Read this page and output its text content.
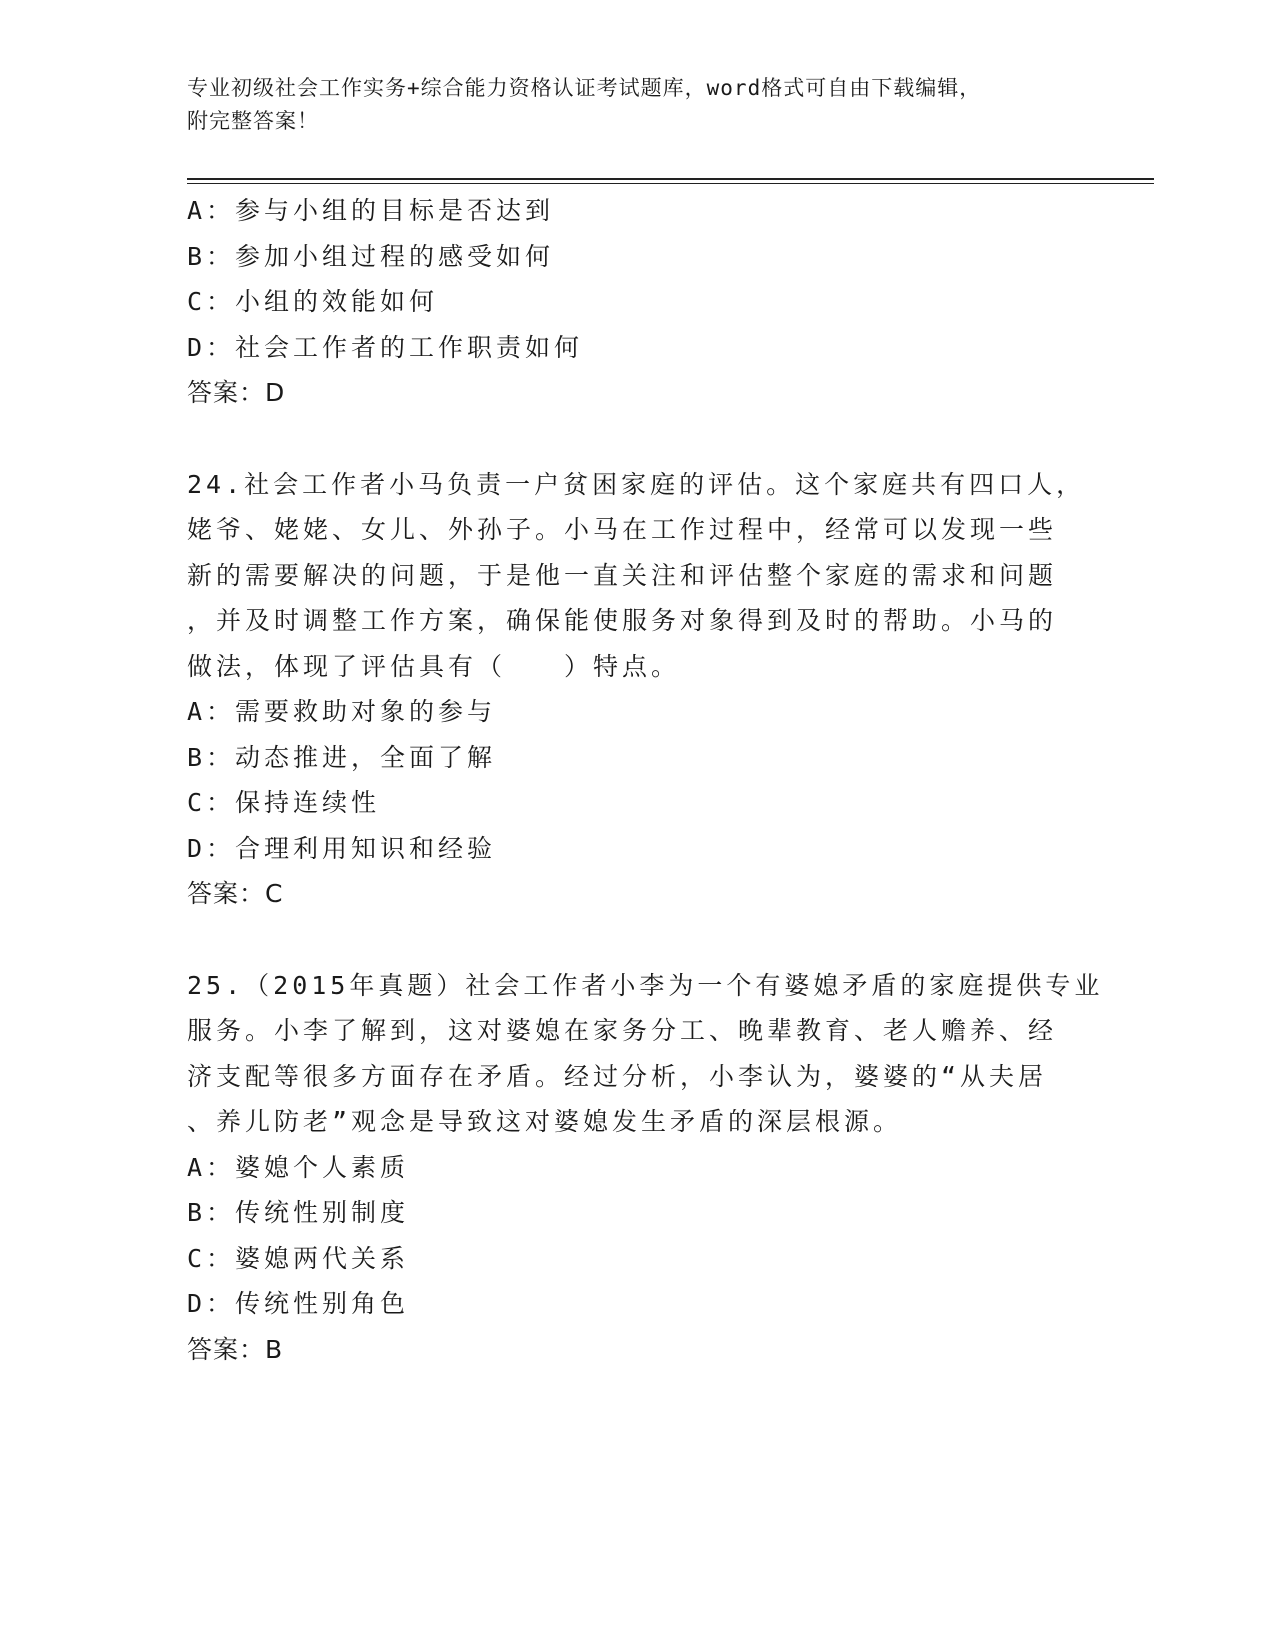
专业初级社会工作实务+综合能力资格认证考试题库，word格式可自由下载编辑，
附完整答案！
A：参与小组的目标是否达到
B：参加小组过程的感受如何
C：小组的效能如何
D：社会工作者的工作职责如何
答案：D
24.社会工作者小马负责一户贫困家庭的评估。这个家庭共有四口人，
姥爷、姥姥、女儿、外孙子。小马在工作过程中，经常可以发现一些
新的需要解决的问题，于是他一直关注和评估整个家庭的需求和问题
，并及时调整工作方案，确保能使服务对象得到及时的帮助。小马的
做法，体现了评估具有（　　）特点。
A：需要救助对象的参与
B：动态推进，全面了解
C：保持连续性
D：合理利用知识和经验
答案：C
25.（2015年真题）社会工作者小李为一个有婆媳矛盾的家庭提供专业
服务。小李了解到，这对婆媳在家务分工、晚辈教育、老人赡养、经
济支配等很多方面存在矛盾。经过分析，小李认为，婆婆的“从夫居
、养儿防老”观念是导致这对婆媳发生矛盾的深层根源。
A：婆媳个人素质
B：传统性别制度
C：婆媳两代关系
D：传统性别角色
答案：B
